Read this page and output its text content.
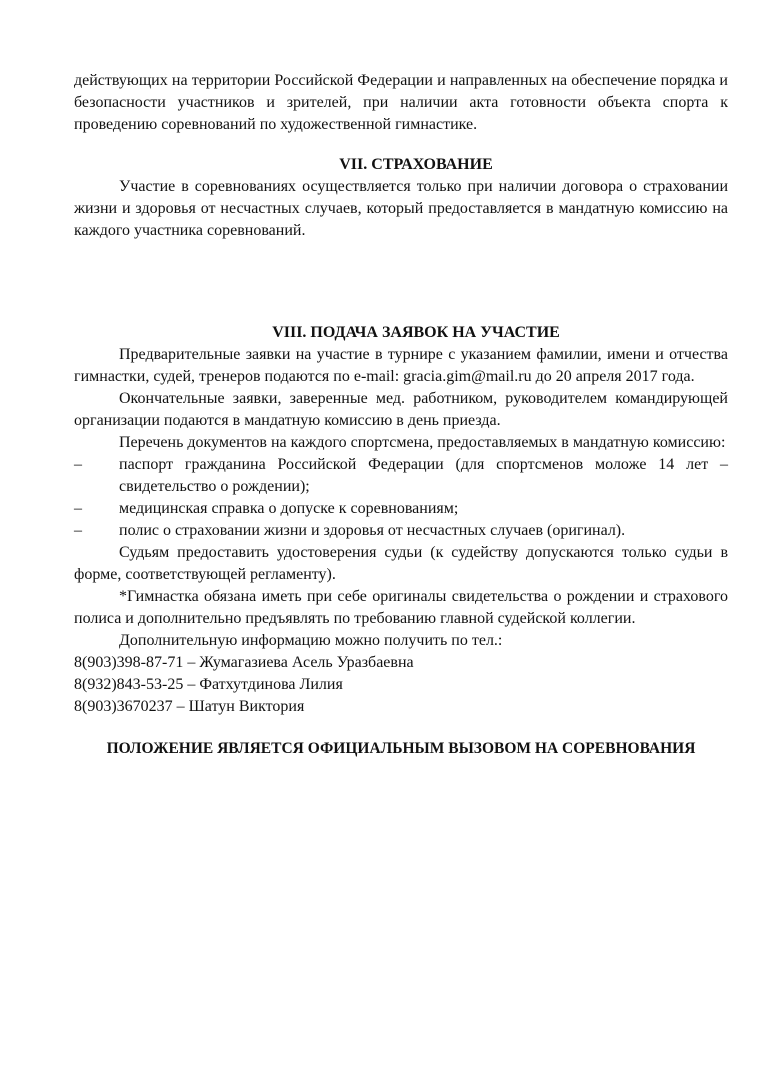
действующих на территории Российской Федерации и направленных на обеспечение порядка и безопасности участников и зрителей, при наличии акта готовности объекта спорта к проведению соревнований по художественной гимнастике.

VII. СТРАХОВАНИЕ

Участие в соревнованиях осуществляется только при наличии договора о страховании жизни и здоровья от несчастных случаев, который предоставляется в мандатную комиссию на каждого участника соревнований.

VIII. ПОДАЧА ЗАЯВОК НА УЧАСТИЕ

Предварительные заявки на участие в турнире с указанием фамилии, имени и отчества гимнастки, судей, тренеров подаются по e-mail: gracia.gim@mail.ru до 20 апреля 2017 года.

Окончательные заявки, заверенные мед. работником, руководителем командирующей организации подаются в мандатную комиссию в день приезда.

Перечень документов на каждого спортсмена, предоставляемых в мандатную комиссию:

– паспорт гражданина Российской Федерации (для спортсменов моложе 14 лет – свидетельство о рождении);
– медицинская справка о допуске к соревнованиям;
– полис о страховании жизни и здоровья от несчастных случаев (оригинал).

Судьям предоставить удостоверения судьи (к судейству допускаются только судьи в форме, соответствующей регламенту).

*Гимнастка обязана иметь при себе оригиналы свидетельства о рождении и страхового полиса и дополнительно предъявлять по требованию главной судейской коллегии.

Дополнительную информацию можно получить по тел.:

8(903)398-87-71 – Жумагазиева Асель Уразбаевна

8(932)843-53-25 – Фатхутдинова Лилия

8(903)3670237 – Шатун Виктория

ПОЛОЖЕНИЕ ЯВЛЯЕТСЯ ОФИЦИАЛЬНЫМ ВЫЗОВОМ НА СОРЕВНОВАНИЯ
